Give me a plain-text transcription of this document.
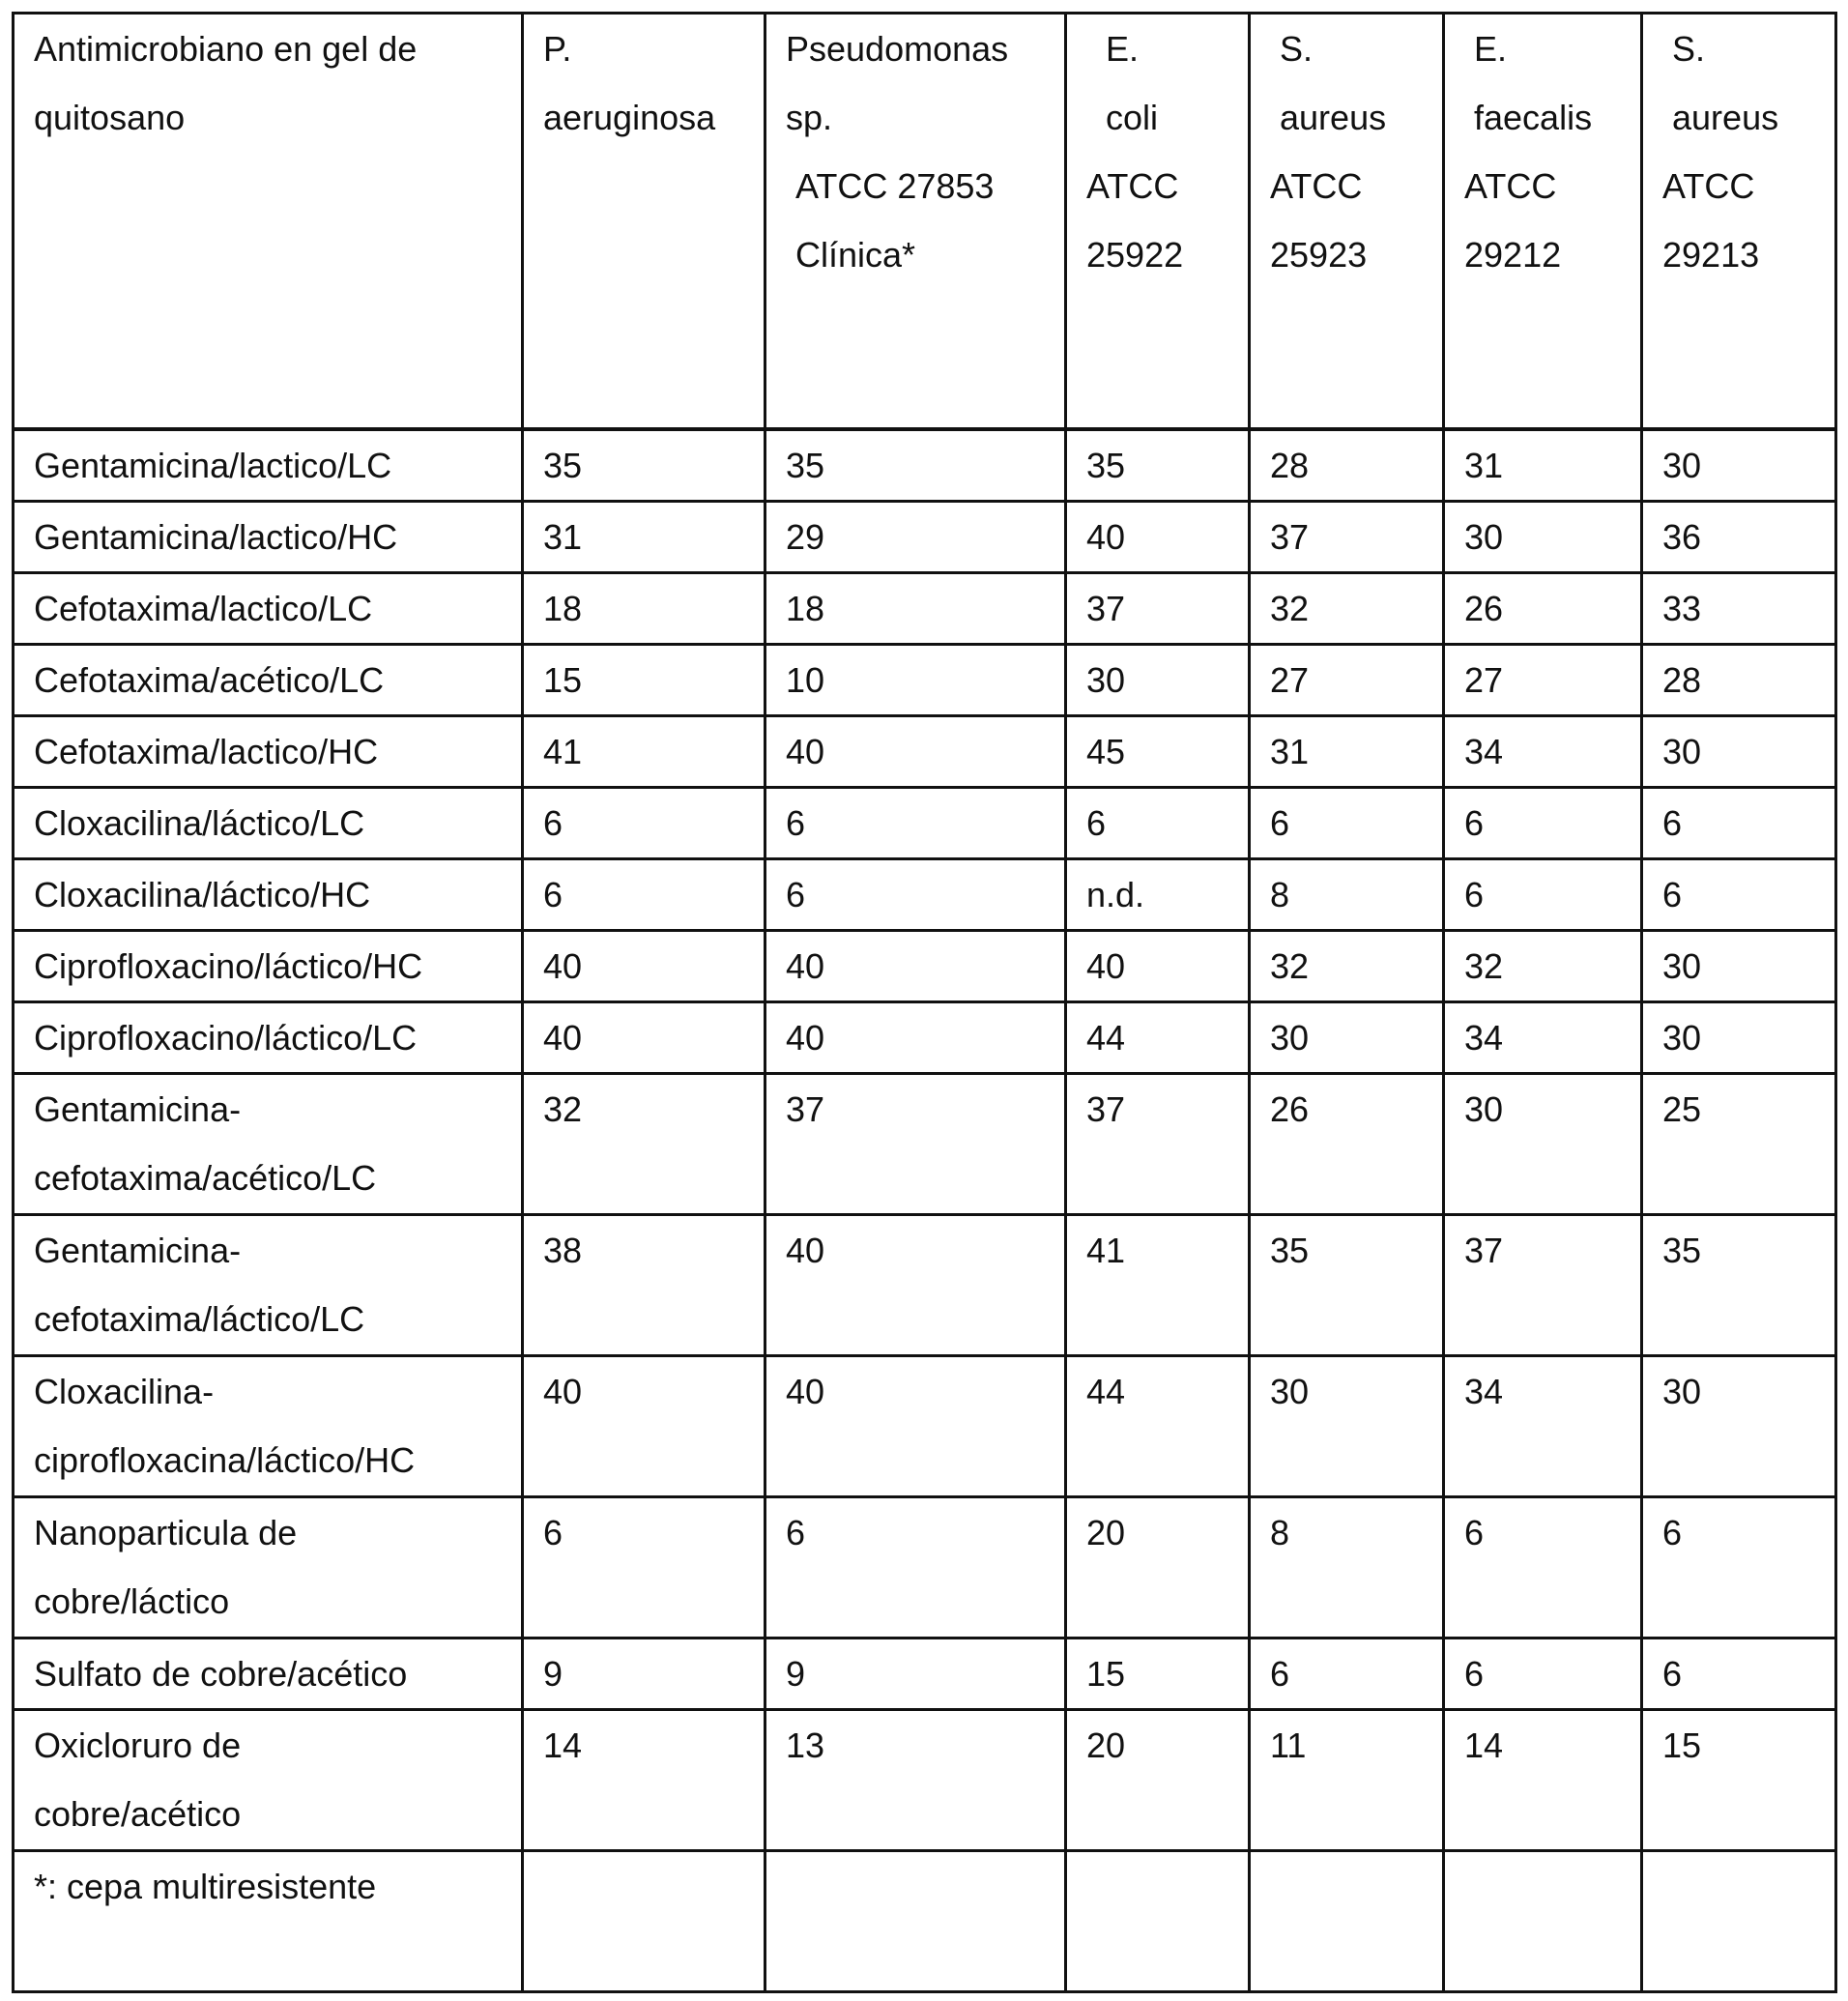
Antimicrobiano en gel de quitosano	P.
aeruginosa	Pseudomonas
sp.
ATCC 27853
Clínica*	E.
coli
ATCC
25922	S.
aureus
ATCC
25923	E.
faecalis
ATCC
29212	S.
aureus
ATCC
29213
Gentamicina/lactico/LC	35	35	35	28	31	30
Gentamicina/lactico/HC	31	29	40	37	30	36
Cefotaxima/lactico/LC	18	18	37	32	26	33
Cefotaxima/acético/LC	15	10	30	27	27	28
Cefotaxima/lactico/HC	41	40	45	31	34	30
Cloxacilina/láctico/LC	6	6	6	6	6	6
Cloxacilina/láctico/HC	6	6	n.d.	8	6	6
Ciprofloxacino/láctico/HC	40	40	40	32	32	30
Ciprofloxacino/láctico/LC	40	40	44	30	34	30
Gentamicina-
cefotaxima/acético/LC	32	37	37	26	30	25
Gentamicina-
cefotaxima/láctico/LC	38	40	41	35	37	35
Cloxacilina-
ciprofloxacina/láctico/HC	40	40	44	30	34	30
Nanoparticula de
cobre/láctico	6	6	20	8	6	6
Sulfato de cobre/acético	9	9	15	6	6	6
Oxicloruro de
cobre/acético	14	13	20	11	14	15
*: cepa multiresistente						
